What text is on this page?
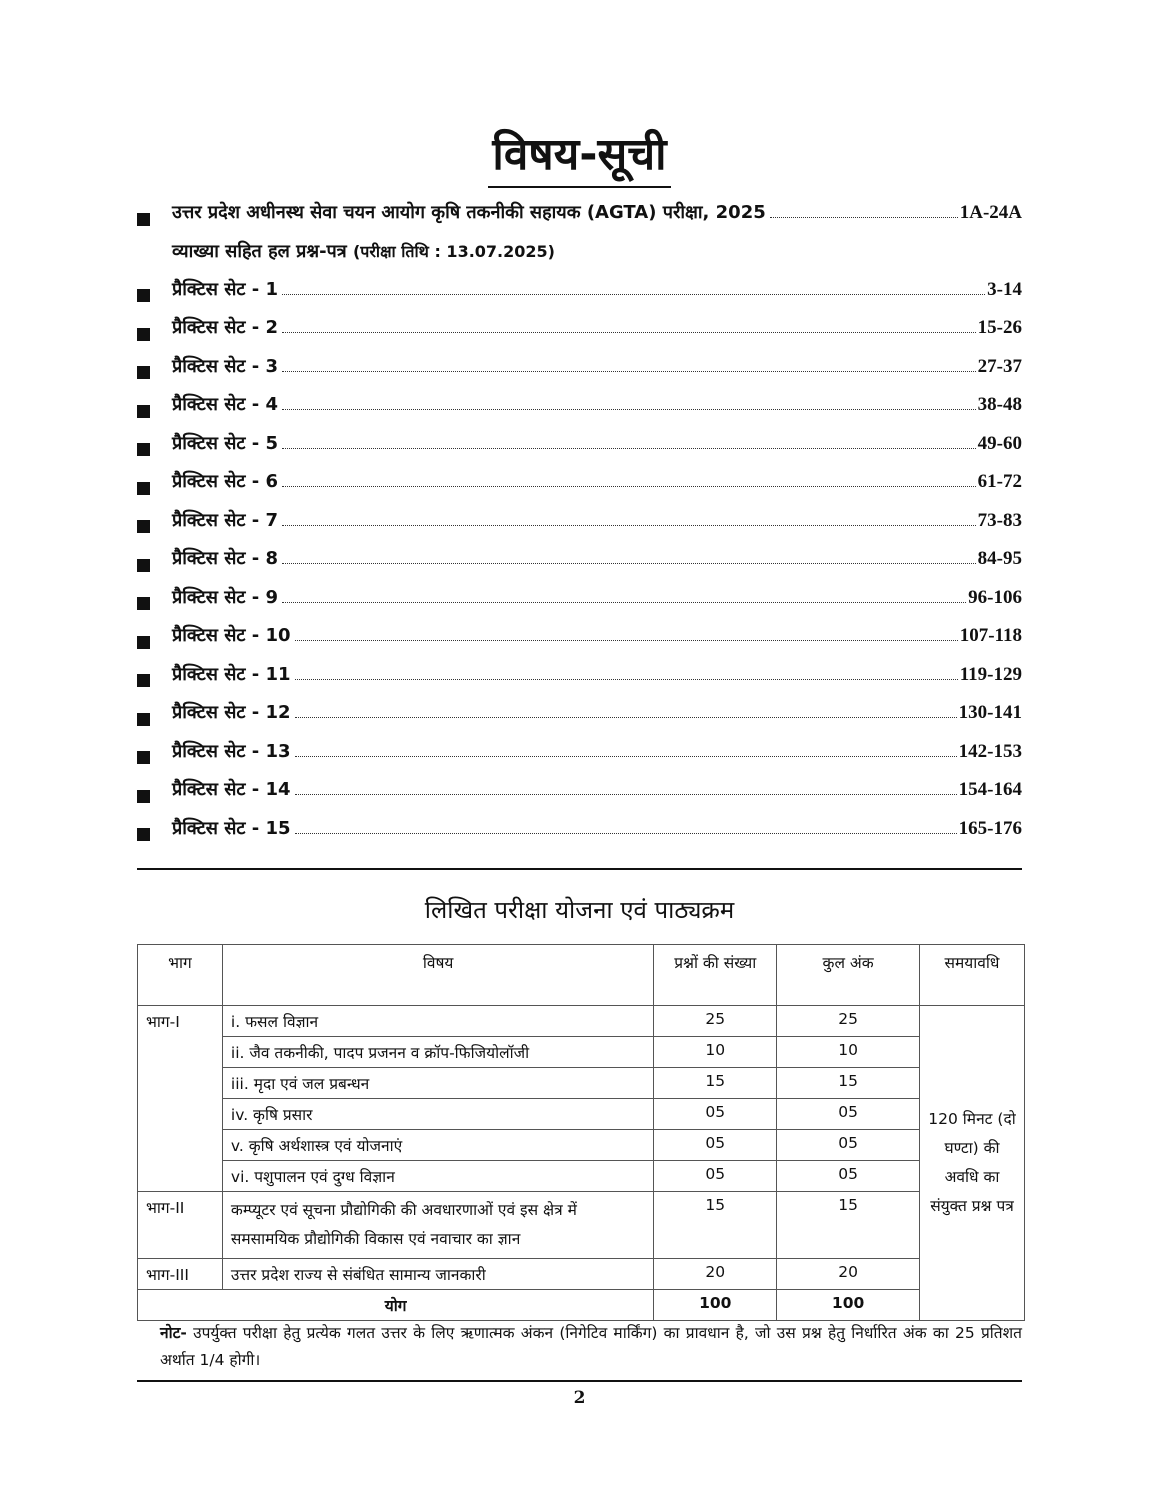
विषय-सूची
उत्तर प्रदेश अधीनस्थ सेवा चयन आयोग कृषि तकनीकी सहायक (AGTA) परीक्षा, 2025	1A-24A
व्याख्या सहित हल प्रश्न-पत्र (परीक्षा तिथि : 13.07.2025)
प्रैक्टिस सेट - 1	3-14
प्रैक्टिस सेट - 2	15-26
प्रैक्टिस सेट - 3	27-37
प्रैक्टिस सेट - 4	38-48
प्रैक्टिस सेट - 5	49-60
प्रैक्टिस सेट - 6	61-72
प्रैक्टिस सेट - 7	73-83
प्रैक्टिस सेट - 8	84-95
प्रैक्टिस सेट - 9	96-106
प्रैक्टिस सेट - 10	107-118
प्रैक्टिस सेट - 11	119-129
प्रैक्टिस सेट - 12	130-141
प्रैक्टिस सेट - 13	142-153
प्रैक्टिस सेट - 14	154-164
प्रैक्टिस सेट - 15	165-176
लिखित परीक्षा योजना एवं पाठ्यक्रम
भाग	विषय	प्रश्नों की संख्या	कुल अंक	समयावधि
भाग-I	i. फसल विज्ञान	25	25	120 मिनट (दो घण्टा) की अवधि का संयुक्त प्रश्न पत्र
	ii. जैव तकनीकी, पादप प्रजनन व क्रॉप-फिजियोलॉजी	10	10	
	iii. मृदा एवं जल प्रबन्धन	15	15	
	iv. कृषि प्रसार	05	05	
	v. कृषि अर्थशास्त्र एवं योजनाएं	05	05	
	vi. पशुपालन एवं दुग्ध विज्ञान	05	05	
भाग-II	कम्प्यूटर एवं सूचना प्रौद्योगिकी की अवधारणाओं एवं इस क्षेत्र में समसामयिक प्रौद्योगिकी विकास एवं नवाचार का ज्ञान	15	15	
भाग-III	उत्तर प्रदेश राज्य से संबंधित सामान्य जानकारी	20	20	
योग		100	100	
नोट- उपर्युक्त परीक्षा हेतु प्रत्येक गलत उत्तर के लिए ऋणात्मक अंकन (निगेटिव मार्किंग) का प्रावधान है, जो उस प्रश्न हेतु निर्धारित अंक का 25 प्रतिशत अर्थात 1/4 होगी।
2
